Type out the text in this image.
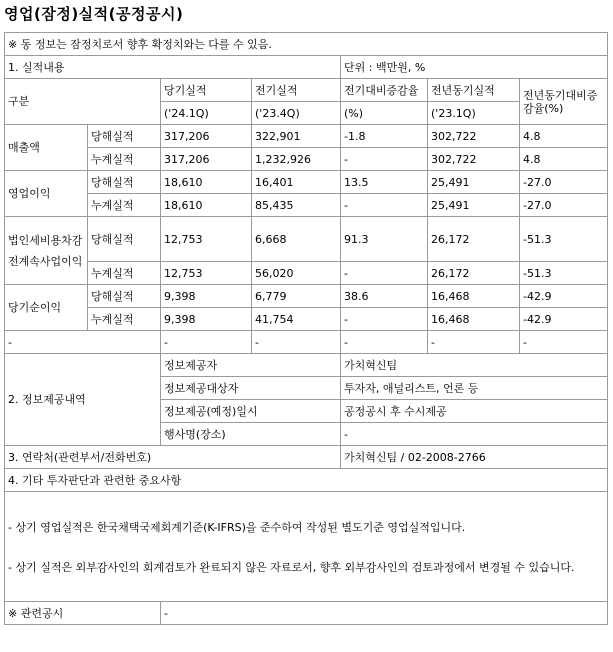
영업(잠정)실적(공정공시)
※ 동 정보는 잠정치로서 향후 확정치와는 다를 수 있음.						
1. 실적내용				단위 : 백만원, %		
구분		당기실적	전기실적	전기대비증감율	전년동기실적	전년동기대비증감율(%)
		('24.1Q)	('23.4Q)	(%)	('23.1Q)	
매출액	당해실적	317,206	322,901	-1.8	302,722	4.8
	누계실적	317,206	1,232,926	-	302,722	4.8
영업이익	당해실적	18,610	16,401	13.5	25,491	-27.0
	누계실적	18,610	85,435	-	25,491	-27.0
법인세비용차감전계속사업이익	당해실적	12,753	6,668	91.3	26,172	-51.3
	누계실적	12,753	56,020	-	26,172	-51.3
당기순이익	당해실적	9,398	6,779	38.6	16,468	-42.9
	누계실적	9,398	41,754	-	16,468	-42.9
-		-	-	-	-	-
2. 정보제공내역		정보제공자		가치혁신팀		
		정보제공대상자		투자자, 애널리스트, 언론 등		
		정보제공(예정)일시		공정공시 후 수시제공		
		행사명(장소)		-		
3. 연락처(관련부서/전화번호)				가치혁신팀 / 02-2008-2766		
4. 기타 투자판단과 관련한 중요사항						

- 상기 영업실적은 한국채택국제회계기준(K-IFRS)을 준수하여 작성된 별도기준 영업실적입니다.
- 상기 실적은 외부감사인의 회계검토가 완료되지 않은 자료로서, 향후 외부감사인의 검토과정에서 변경될 수 있습니다.						

※ 관련공시		-				
